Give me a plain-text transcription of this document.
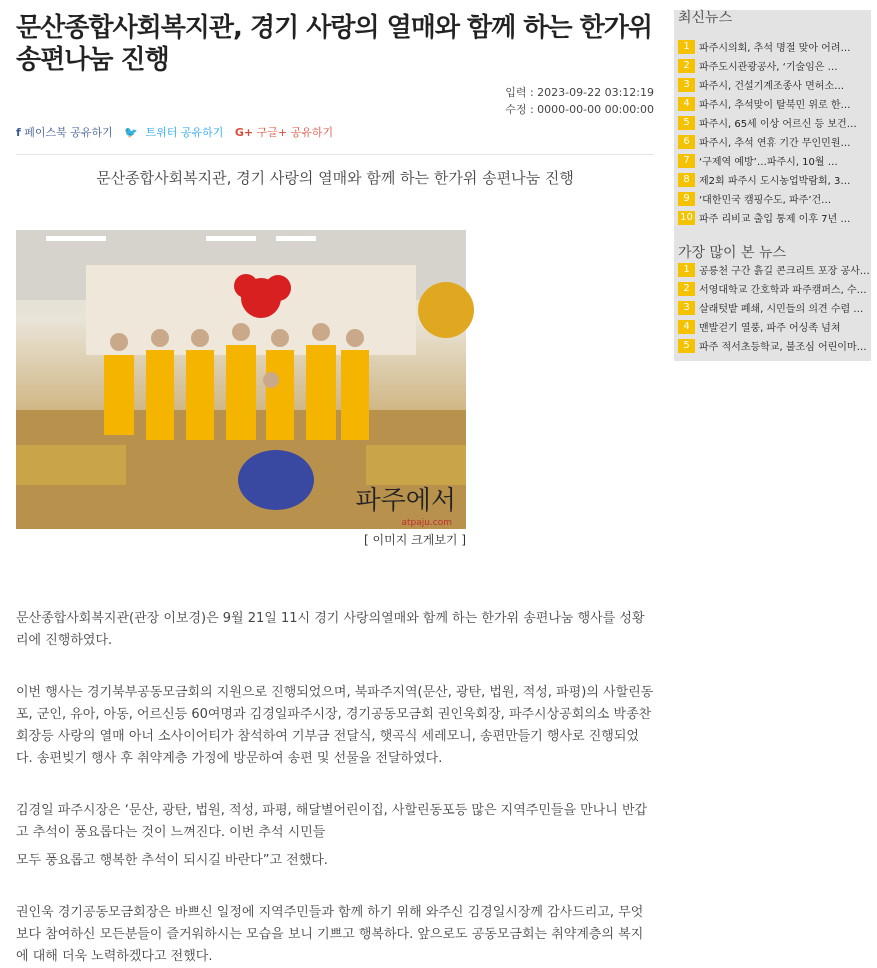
문산종합사회복지관, 경기 사랑의 열매와 함께 하는 한가위 송편나눔 진행
입력 : 2023-09-22 03:12:19
수정 : 0000-00-00 00:00:00
f 페이스북 공유하기 🐦 트위터 공유하기 G+ 구글+ 공유하기
문산종합사회복지관, 경기 사랑의 열매와 함께 하는 한가위 송편나눔 진행
파주에서
atpaju.com
[ 이미지 크게보기 ]

문산종합사회복지관(관장 이보경)은 9월 21일 11시 경기 사랑의열매와 함께 하는 한가위 송편나눔 행사를 성황리에 진행하였다.

이번 행사는 경기북부공동모금회의 지원으로 진행되었으며, 북파주지역(문산, 광탄, 법원, 적성, 파평)의 사할린동포, 군인, 유아, 아동, 어르신등 60여명과 김경일파주시장, 경기공동모금회 권인욱회장, 파주시상공회의소 박종찬 회장등 사랑의 열매 아너 소사이어티가 참석하여 기부금 전달식, 햇곡식 세레모니, 송편만들기 행사로 진행되었다. 송편빚기 행사 후 취약계층 가정에 방문하여 송편 및 선물을 전달하였다.

김경일 파주시장은 ‘문산, 광탄, 법원, 적성, 파평, 해달별어린이집, 사할린동포등 많은 지역주민들을 만나니 반갑고 추석이 풍요롭다는 것이 느껴진다. 이번 추석 시민들

모두 풍요롭고 행복한 추석이 되시길 바란다”고 전했다.

권인욱 경기공동모금회장은 바쁘신 일정에 지역주민들과 함께 하기 위해 와주신 김경일시장께 감사드리고, 무엇보다 참여하신 모든분들이 즐거워하시는 모습을 보니 기쁘고 행복하다. 앞으로도 공동모금회는 취약계층의 복지에 대해 더욱 노력하겠다고 전했다.

최신뉴스
1 파주시의회, 추석 명절 맞아 어려…
2 파주도시관광공사, ‘기술임은 …
3 파주시, 건설기계조종사 면허소…
4 파주시, 추석맞이 탈북민 위로 한…
5 파주시, 65세 이상 어르신 등 보건…
6 파주시, 추석 연휴 기간 무인민원…
7 ‘구제역 예방’…파주시, 10월 …
8 제2회 파주시 도시농업박람회, 3…
9 ‘대한민국 캠핑수도, 파주’건…
10 파주 리비교 출입 통제 이후 7년 …
가장 많이 본 뉴스
1 공릉천 구간 흙길 콘크리트 포장 공사…
2 서영대학교 간호학과 파주캠퍼스, 수…
3 살래텃밭 폐쇄, 시민들의 의견 수렴 …
4 맨발걷기 열풍, 파주 어싱족 넘쳐
5 파주 적서초등학교, 불조심 어린이마…
